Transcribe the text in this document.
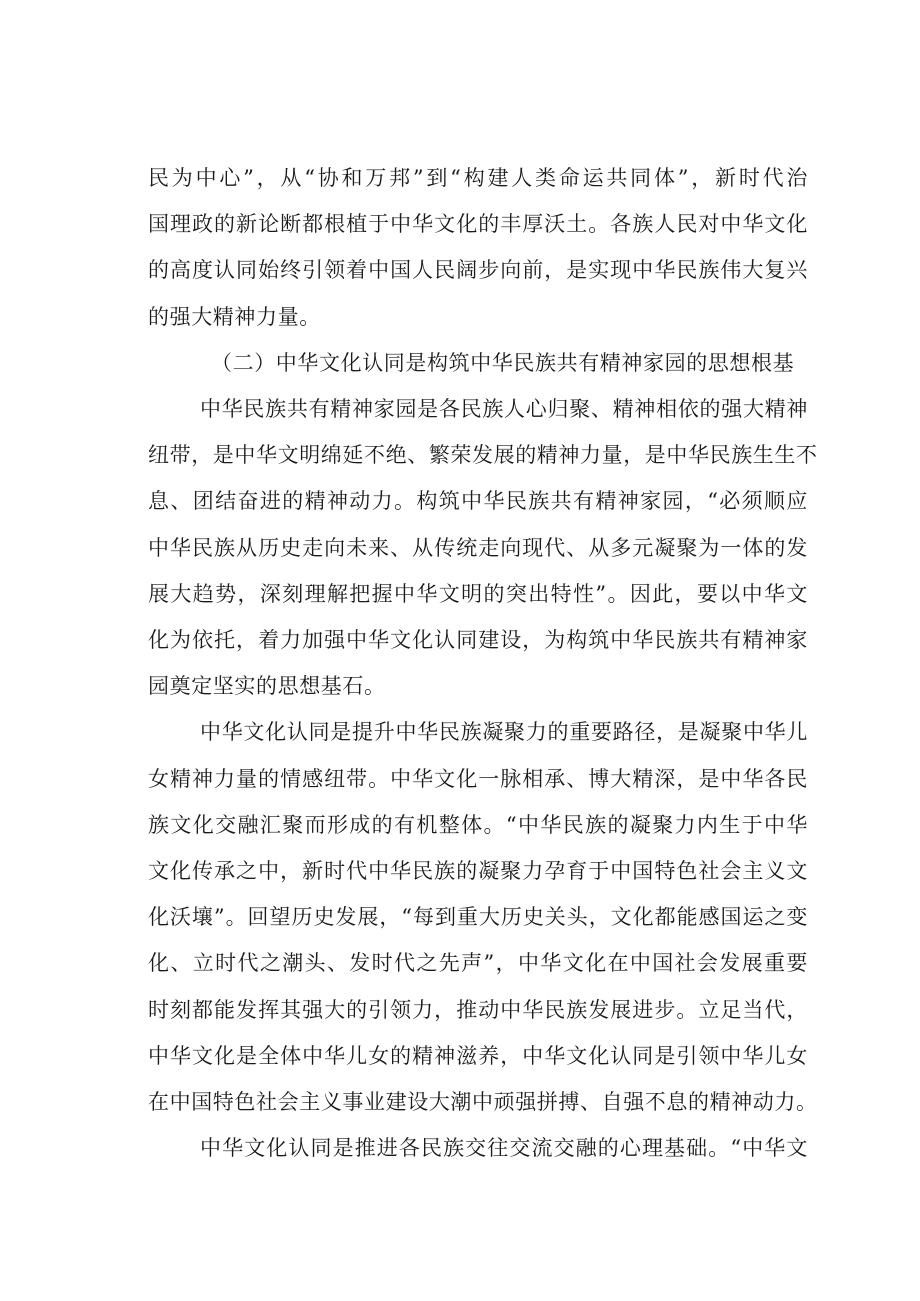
民为中心”，从“协和万邦”到“构建人类命运共同体”，新时代治
国理政的新论断都根植于中华文化的丰厚沃土。各族人民对中华文化
的高度认同始终引领着中国人民阔步向前，是实现中华民族伟大复兴
的强大精神力量。
（二）中华文化认同是构筑中华民族共有精神家园的思想根基
中华民族共有精神家园是各民族人心归聚、精神相依的强大精神
纽带，是中华文明绵延不绝、繁荣发展的精神力量，是中华民族生生不
息、团结奋进的精神动力。构筑中华民族共有精神家园，“必须顺应
中华民族从历史走向未来、从传统走向现代、从多元凝聚为一体的发
展大趋势，深刻理解把握中华文明的突出特性”。因此，要以中华文
化为依托，着力加强中华文化认同建设，为构筑中华民族共有精神家
园奠定坚实的思想基石。
中华文化认同是提升中华民族凝聚力的重要路径，是凝聚中华儿
女精神力量的情感纽带。中华文化一脉相承、博大精深，是中华各民
族文化交融汇聚而形成的有机整体。“中华民族的凝聚力内生于中华
文化传承之中，新时代中华民族的凝聚力孕育于中国特色社会主义文
化沃壤”。回望历史发展，“每到重大历史关头，文化都能感国运之变
化、立时代之潮头、发时代之先声”，中华文化在中国社会发展重要
时刻都能发挥其强大的引领力，推动中华民族发展进步。立足当代，
中华文化是全体中华儿女的精神滋养，中华文化认同是引领中华儿女
在中国特色社会主义事业建设大潮中顽强拼搏、自强不息的精神动力。
中华文化认同是推进各民族交往交流交融的心理基础。“中华文
